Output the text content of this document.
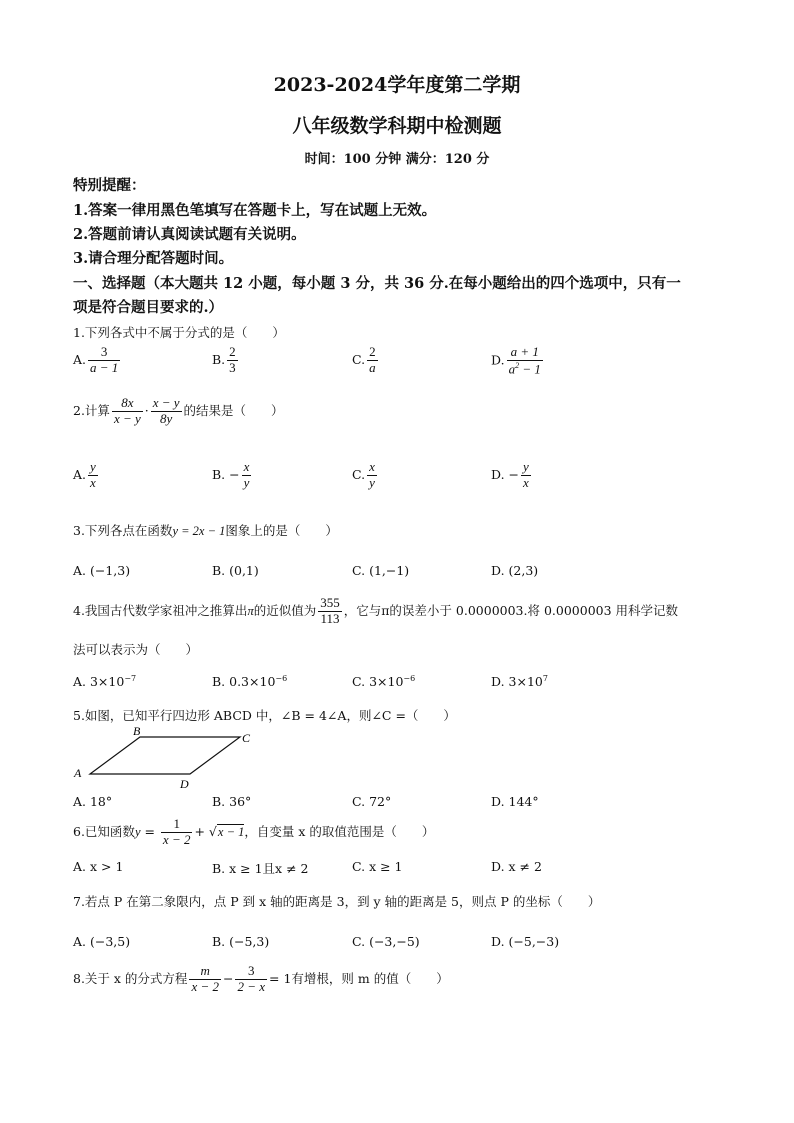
2023-2024学年度第二学期
八年级数学科期中检测题
时间：100 分钟 满分：120 分
特别提醒：
1.答案一律用黑色笔填写在答题卡上，写在试题上无效。
2.答题前请认真阅读试题有关说明。
3.请合理分配答题时间。
一、选择题（本大题共 12 小题，每小题 3 分，共 36 分.在每小题给出的四个选项中，只有一
项是符合题目要求的.）
1.下列各式中不属于分式的是（　　）
A. $\frac{3}{a - 1}$	B. $\frac{2}{3}$	C. $\frac{2}{a}$	D. $\frac{a + 1}{a^2 - 1}$
2.计算 $\frac{8x}{x - y} \cdot \frac{x - y}{8y}$ 的结果是（　　）
A. $\frac{y}{x}$	B. − $\frac{x}{y}$	C. $\frac{x}{y}$	D. − $\frac{y}{x}$
3.下列各点在函数y = 2x − 1图象上的是（　　）
A. (−1,3)	B. (0,1)	C. (1,−1)	D. (2,3)
4.我国古代数学家祖冲之推算出π的近似值为 $\frac{355}{113}$ ，它与π的误差小于 0.0000003.将 0.0000003 用科学记数
法可以表示为（　　）
A. $3\times 10^{-7}$	B. $0.3\times 10^{-6}$	C. $3\times 10^{-6}$	D. $3\times 10^7$
5.如图，已知平行四边形 ABCD 中，∠B = 4∠A，则∠C =（　　）
A
B	C
D
A. 18°	B. 36°	C. 72°	D. 144°
6.已知函数$y = \frac{1}{x - 2} + √x - 1$，自变量 x 的取值范围是（　　）
A. x > 1	B. x ≥ 1且x ≠ 2	C. x ≥ 1	D. x ≠ 2
7.若点 P 在第二象限内，点 P 到 x 轴的距离是 3，到 y 轴的距离是 5，则点 P 的坐标（　　）
A. (−3,5)	B. (−5,3)	C. (−3,−5)	D. (−5,−3)
8.关于 x 的分式方程 $\frac{m}{x - 2} - \frac{3}{2 - x} = 1$有增根，则 m 的值（　　）
